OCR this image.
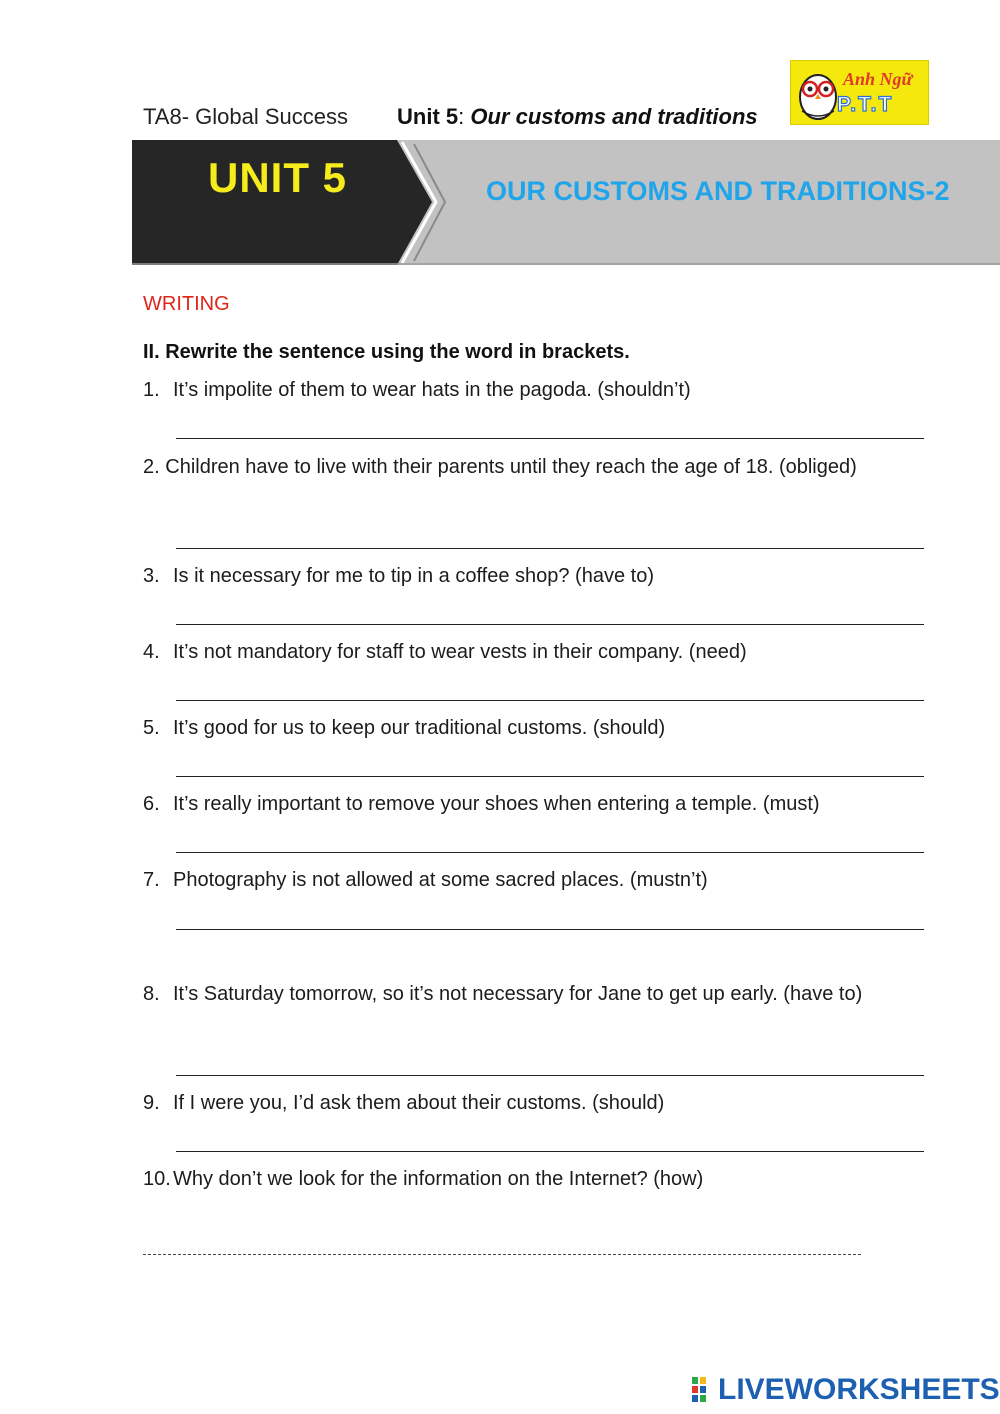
TA8- Global Success Unit 5: Our customs and traditions
Anh Ngữ
P.T.T
UNIT 5	OUR CUSTOMS AND TRADITIONS-2
WRITING
II. Rewrite the sentence using the word in brackets.
1. It’s impolite of them to wear hats in the pagoda. (shouldn’t)
2. Children have to live with their parents until they reach the age of 18. (obliged)
3. Is it necessary for me to tip in a coffee shop? (have to)
4. It’s not mandatory for staff to wear vests in their company. (need)
5. It’s good for us to keep our traditional customs. (should)
6. It’s really important to remove your shoes when entering a temple. (must)
7. Photography is not allowed at some sacred places. (mustn’t)
8. It’s Saturday tomorrow, so it’s not necessary for Jane to get up early. (have to)
9. If I were you, I’d ask them about their customs. (should)
10. Why don’t we look for the information on the Internet? (how)
LIVEWORKSHEETS
